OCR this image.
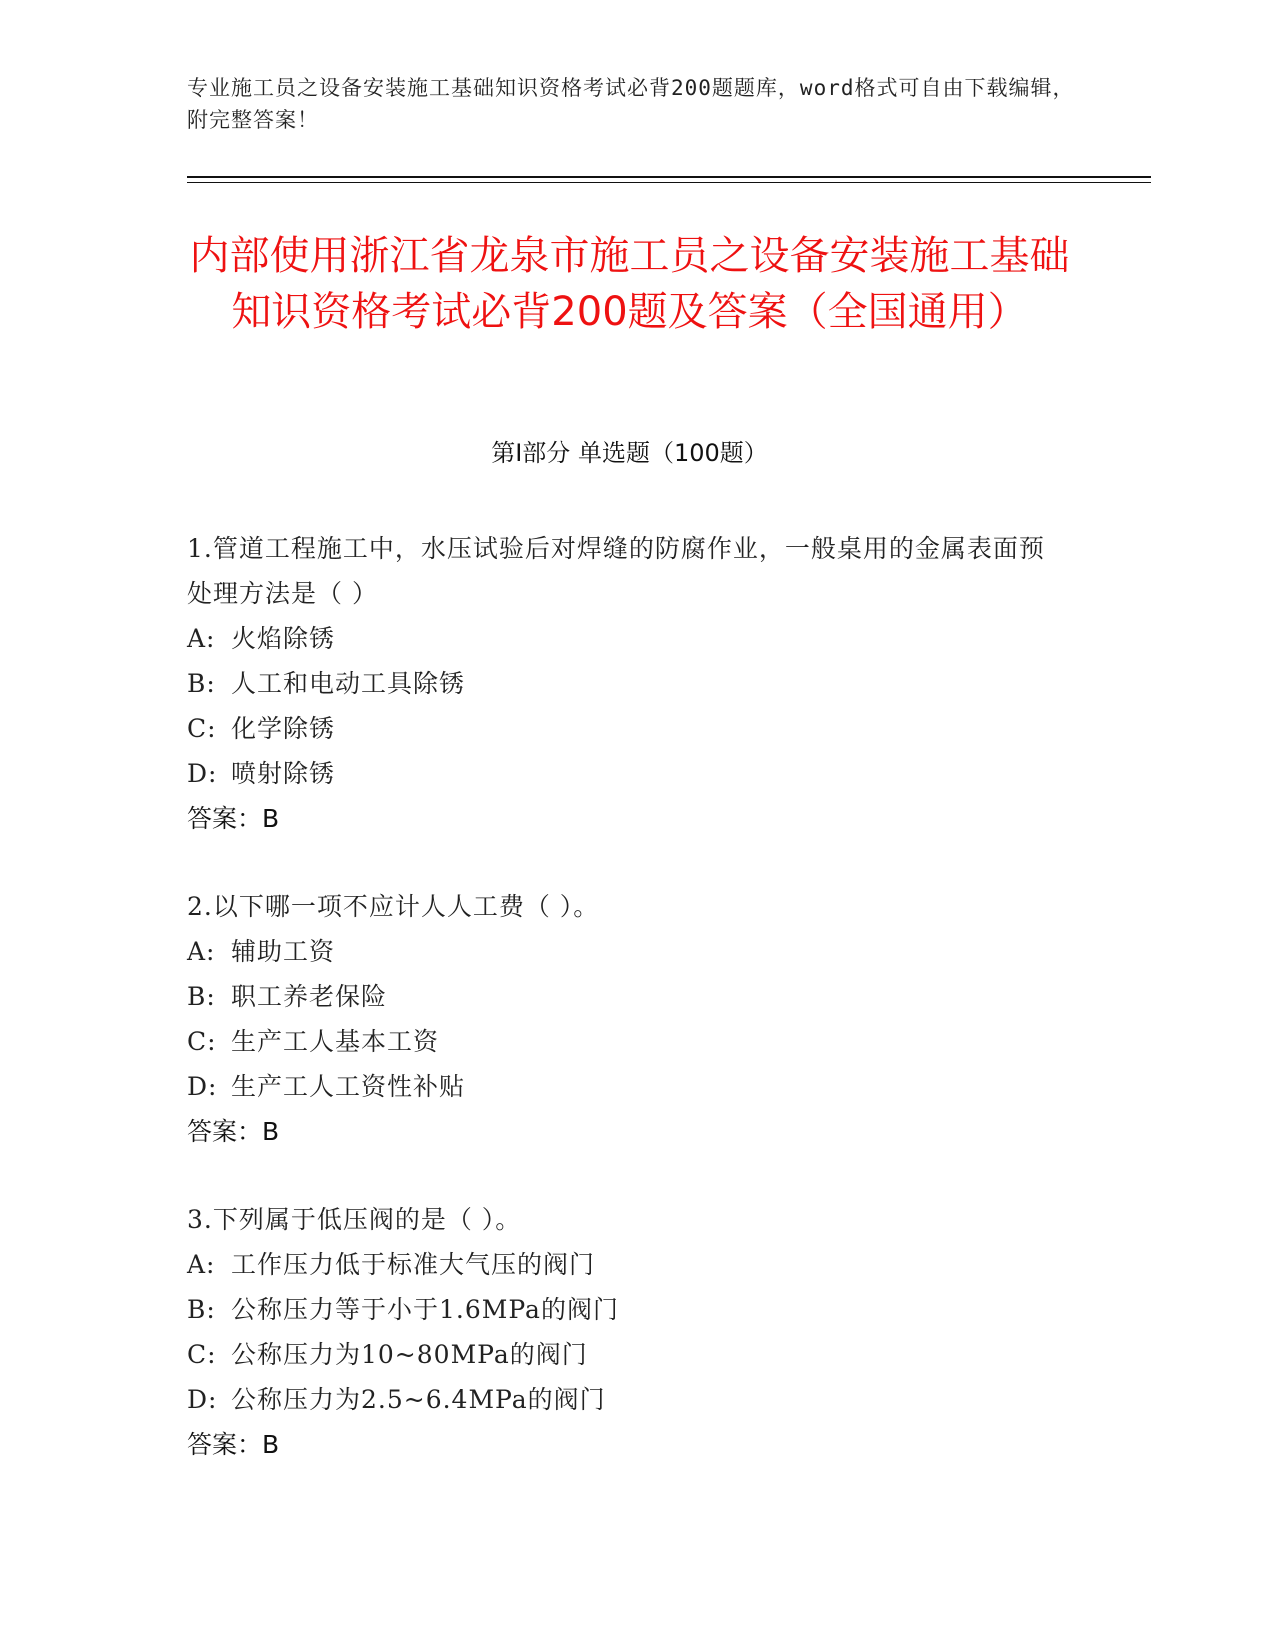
专业施工员之设备安装施工基础知识资格考试必背200题题库，word格式可自由下载编辑，附完整答案！
内部使用浙江省龙泉市施工员之设备安装施工基础知识资格考试必背200题及答案（全国通用）
第Ⅰ部分 单选题（100题）
1.管道工程施工中，水压试验后对焊缝的防腐作业，一般桌用的金属表面预处理方法是（ ）
A: 火焰除锈
B: 人工和电动工具除锈
C: 化学除锈
D: 喷射除锈
答案：B
2.以下哪一项不应计人人工费（ ）。
A: 辅助工资
B: 职工养老保险
C: 生产工人基本工资
D: 生产工人工资性补贴
答案：B
3.下列属于低压阀的是（ ）。
A: 工作压力低于标准大气压的阀门
B: 公称压力等于小于1.6MPa的阀门
C: 公称压力为10~80MPa的阀门
D: 公称压力为2.5~6.4MPa的阀门
答案：B
